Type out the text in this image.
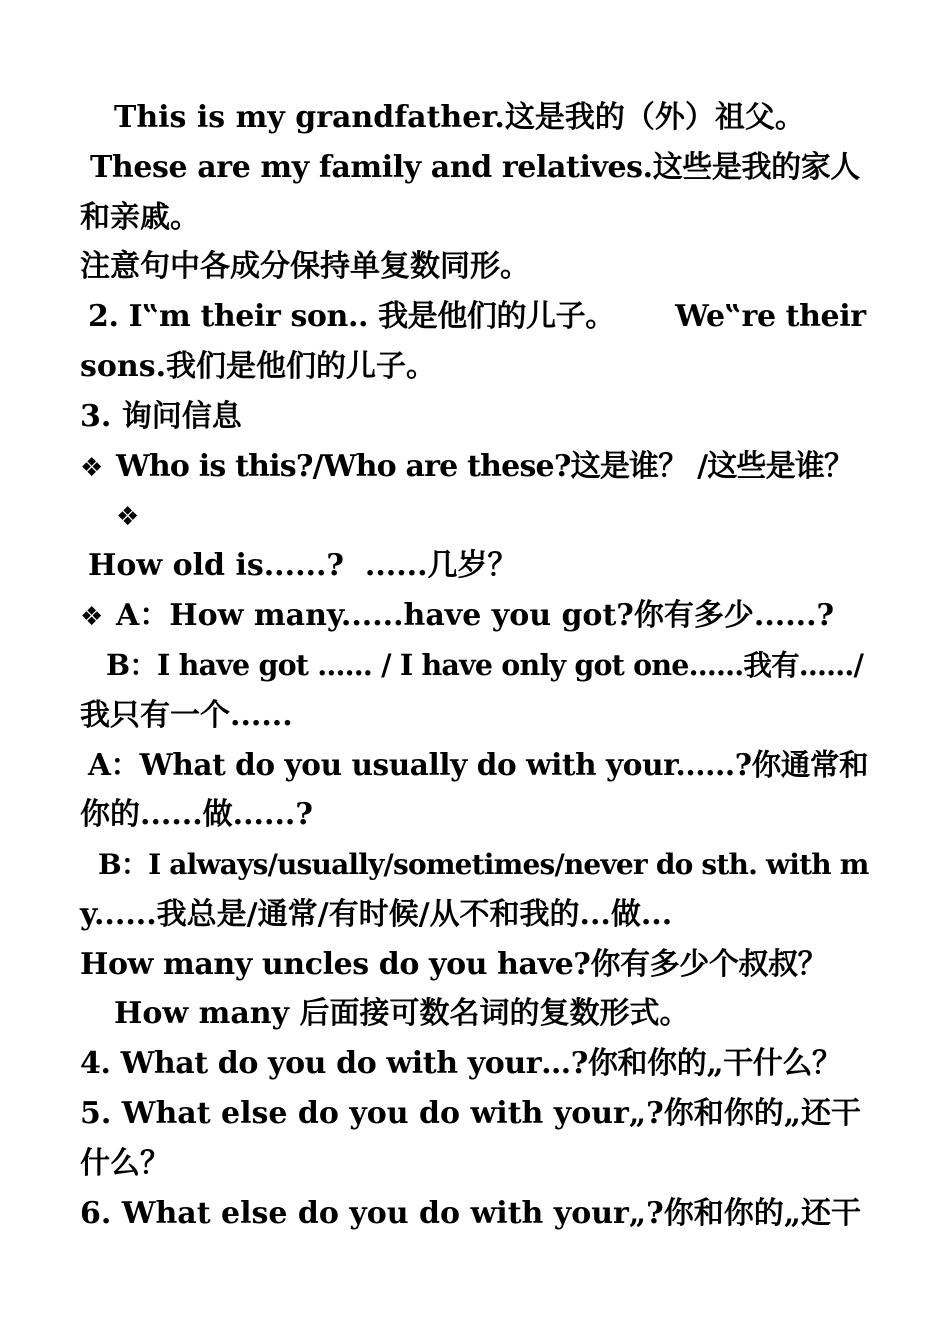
This is my grandfather.这是我的（外）祖父。
These are my family and relatives.这些是我的家人
和亲戚。
注意句中各成分保持单复数同形。
2. I‟m their son.. 我是他们的儿子。      We‟re their
sons.我们是他们的儿子。
3. 询问信息
❖ Who is this?/Who are these?这是谁？ /这些是谁？
❖
How old is......?  ......几岁？
❖ A：How many......have you got?你有多少......?
B：I have got ...... / I have only got one......我有....../
我只有一个......
A：What do you usually do with your......?你通常和
你的......做......?
B：I always/usually/sometimes/never do sth. with m
y......我总是/通常/有时候/从不和我的...做...
How many uncles do you have?你有多少个叔叔？
How many 后面接可数名词的复数形式。
4. What do you do with your…?你和你的„干什么？
5. What else do you do with your„?你和你的„还干
什么？
6. What else do you do with your„?你和你的„还干
